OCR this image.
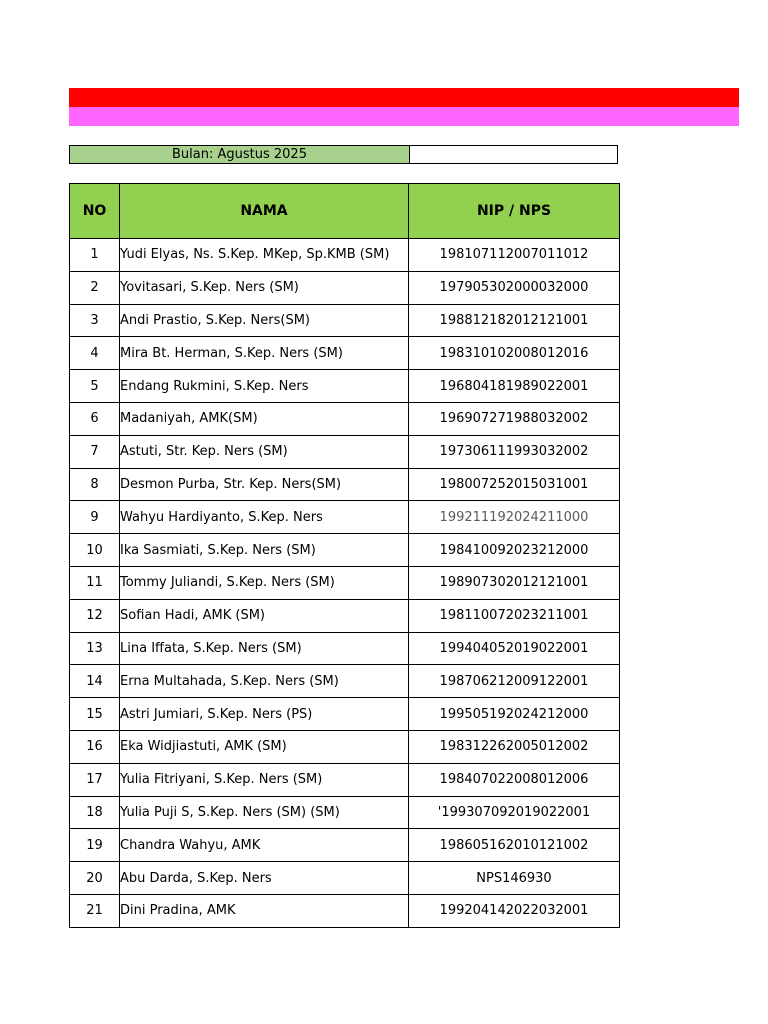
Bulan: Agustus 2025
NO	NAMA	NIP / NPS
1	Yudi Elyas, Ns. S.Kep. MKep, Sp.KMB (SM)	198107112007011012
2	Yovitasari, S.Kep. Ners (SM)	197905302000032000
3	Andi Prastio, S.Kep. Ners(SM)	198812182012121001
4	Mira Bt. Herman, S.Kep. Ners (SM)	198310102008012016
5	Endang Rukmini, S.Kep. Ners	196804181989022001
6	Madaniyah, AMK(SM)	196907271988032002
7	Astuti, Str. Kep. Ners (SM)	197306111993032002
8	Desmon Purba, Str. Kep. Ners(SM)	198007252015031001
9	Wahyu Hardiyanto, S.Kep. Ners	199211192024211000
10	Ika Sasmiati, S.Kep. Ners (SM)	198410092023212000
11	Tommy Juliandi, S.Kep. Ners (SM)	198907302012121001
12	Sofian Hadi, AMK (SM)	198110072023211001
13	Lina Iffata, S.Kep. Ners (SM)	199404052019022001
14	Erna Multahada, S.Kep. Ners (SM)	198706212009122001
15	Astri Jumiari, S.Kep. Ners (PS)	199505192024212000
16	Eka Widjiastuti, AMK (SM)	198312262005012002
17	Yulia Fitriyani, S.Kep. Ners (SM)	198407022008012006
18	Yulia Puji S, S.Kep. Ners (SM) (SM)	'199307092019022001
19	Chandra Wahyu, AMK	198605162010121002
20	Abu Darda, S.Kep. Ners	NPS146930
21	Dini Pradina, AMK	199204142022032001
